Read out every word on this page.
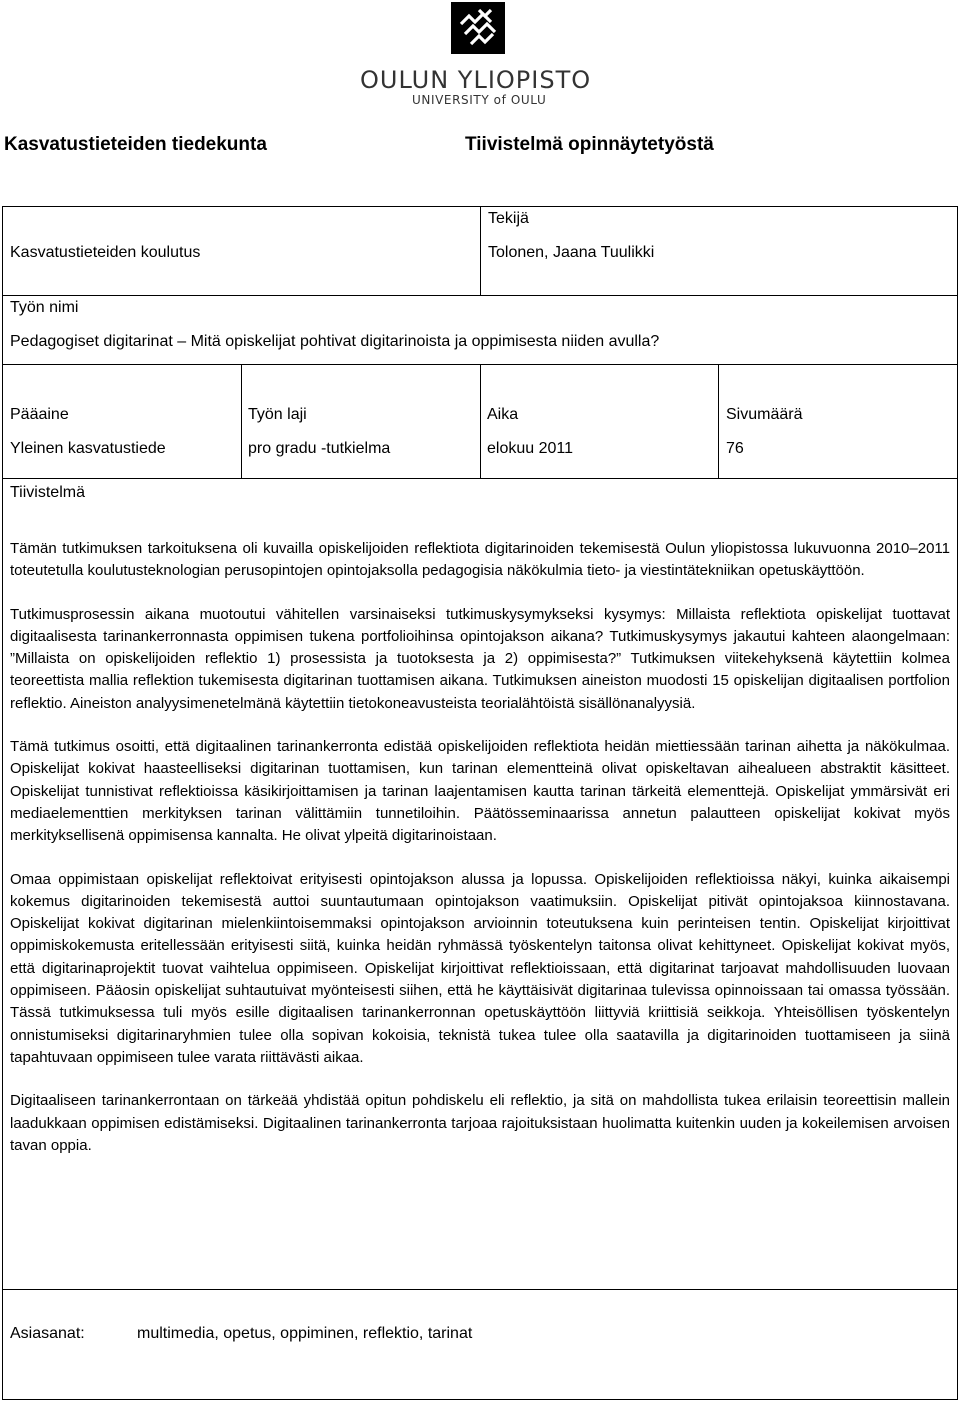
OULUN YLIOPISTO
UNIVERSITY of OULU
Kasvatustieteiden tiedekunta	Tiivistelmä opinnäytetyöstä
Kasvatustieteiden koulutus
Tekijä
Tolonen, Jaana Tuulikki
Työn nimi
Pedagogiset digitarinat – Mitä opiskelijat pohtivat digitarinoista ja oppimisesta niiden avulla?
Pääaine
Yleinen kasvatustiede
Työn laji
pro gradu -tutkielma
Aika
elokuu 2011
Sivumäärä
76
Tiivistelmä

Tämän tutkimuksen tarkoituksena oli kuvailla opiskelijoiden reflektiota digitarinoiden tekemisestä Oulun yliopistossa lukuvuonna 2010–2011 toteutetulla koulutusteknologian perusopintojen opintojaksolla pedagogisia näkökulmia tieto- ja viestintätekniikan opetuskäyttöön.

Tutkimusprosessin aikana muotoutui vähitellen varsinaiseksi tutkimuskysymykseksi kysymys: Millaista reflektiota opiskelijat tuottavat digitaalisesta tarinankerronnasta oppimisen tukena portfolioihinsa opintojakson aikana? Tutkimuskysymys jakautui kahteen alaongelmaan: ”Millaista on opiskelijoiden reflektio 1) prosessista ja tuotoksesta ja 2) oppimisesta?” Tutkimuksen viitekehyksenä käytettiin kolmea teoreettista mallia reflektion tukemisesta digitarinan tuottamisen aikana. Tutkimuksen aineiston muodosti 15 opiskelijan digitaalisen portfolion reflektio. Aineiston analyysimenetelmänä käytettiin tietokoneavusteista teorialähtöistä sisällönanalyysiä.

Tämä tutkimus osoitti, että digitaalinen tarinankerronta edistää opiskelijoiden reflektiota heidän miettiessään tarinan aihetta ja näkökulmaa. Opiskelijat kokivat haasteelliseksi digitarinan tuottamisen, kun tarinan elementteinä olivat opiskeltavan aihealueen abstraktit käsitteet. Opiskelijat tunnistivat reflektioissa käsikirjoittamisen ja tarinan laajentamisen kautta tarinan tärkeitä elementtejä. Opiskelijat ymmärsivät eri mediaelementtien merkityksen tarinan välittämiin tunnetiloihin. Päätösseminaarissa annetun palautteen opiskelijat kokivat myös merkityksellisenä oppimisensa kannalta. He olivat ylpeitä digitarinoistaan.

Omaa oppimistaan opiskelijat reflektoivat erityisesti opintojakson alussa ja lopussa. Opiskelijoiden reflektioissa näkyi, kuinka aikaisempi kokemus digitarinoiden tekemisestä auttoi suuntautumaan opintojakson vaatimuksiin. Opiskelijat pitivät opintojaksoa kiinnostavana. Opiskelijat kokivat digitarinan mielenkiintoisemmaksi opintojakson arvioinnin toteutuksena kuin perinteisen tentin. Opiskelijat kirjoittivat oppimiskokemusta eritellessään erityisesti siitä, kuinka heidän ryhmässä työskentelyn taitonsa olivat kehittyneet. Opiskelijat kokivat myös, että digitarinaprojektit tuovat vaihtelua oppimiseen. Opiskelijat kirjoittivat reflektioissaan, että digitarinat tarjoavat mahdollisuuden luovaan oppimiseen. Pääosin opiskelijat suhtautuivat myönteisesti siihen, että he käyttäisivät digitarinaa tulevissa opinnoissaan tai omassa työssään. Tässä tutkimuksessa tuli myös esille digitaalisen tarinankerronnan opetuskäyttöön liittyviä kriittisiä seikkoja. Yhteisöllisen työskentelyn onnistumiseksi digitarinaryhmien tulee olla sopivan kokoisia, teknistä tukea tulee olla saatavilla ja digitarinoiden tuottamiseen ja siinä tapahtuvaan oppimiseen tulee varata riittävästi aikaa.

Digitaaliseen tarinankerrontaan on tärkeää yhdistää opitun pohdiskelu eli reflektio, ja sitä on mahdollista tukea erilaisin teoreettisin mallein laadukkaan oppimisen edistämiseksi. Digitaalinen tarinankerronta tarjoaa rajoituksistaan huolimatta kuitenkin uuden ja kokeilemisen arvoisen tavan oppia.

Asiasanat:	multimedia, opetus, oppiminen, reflektio, tarinat
